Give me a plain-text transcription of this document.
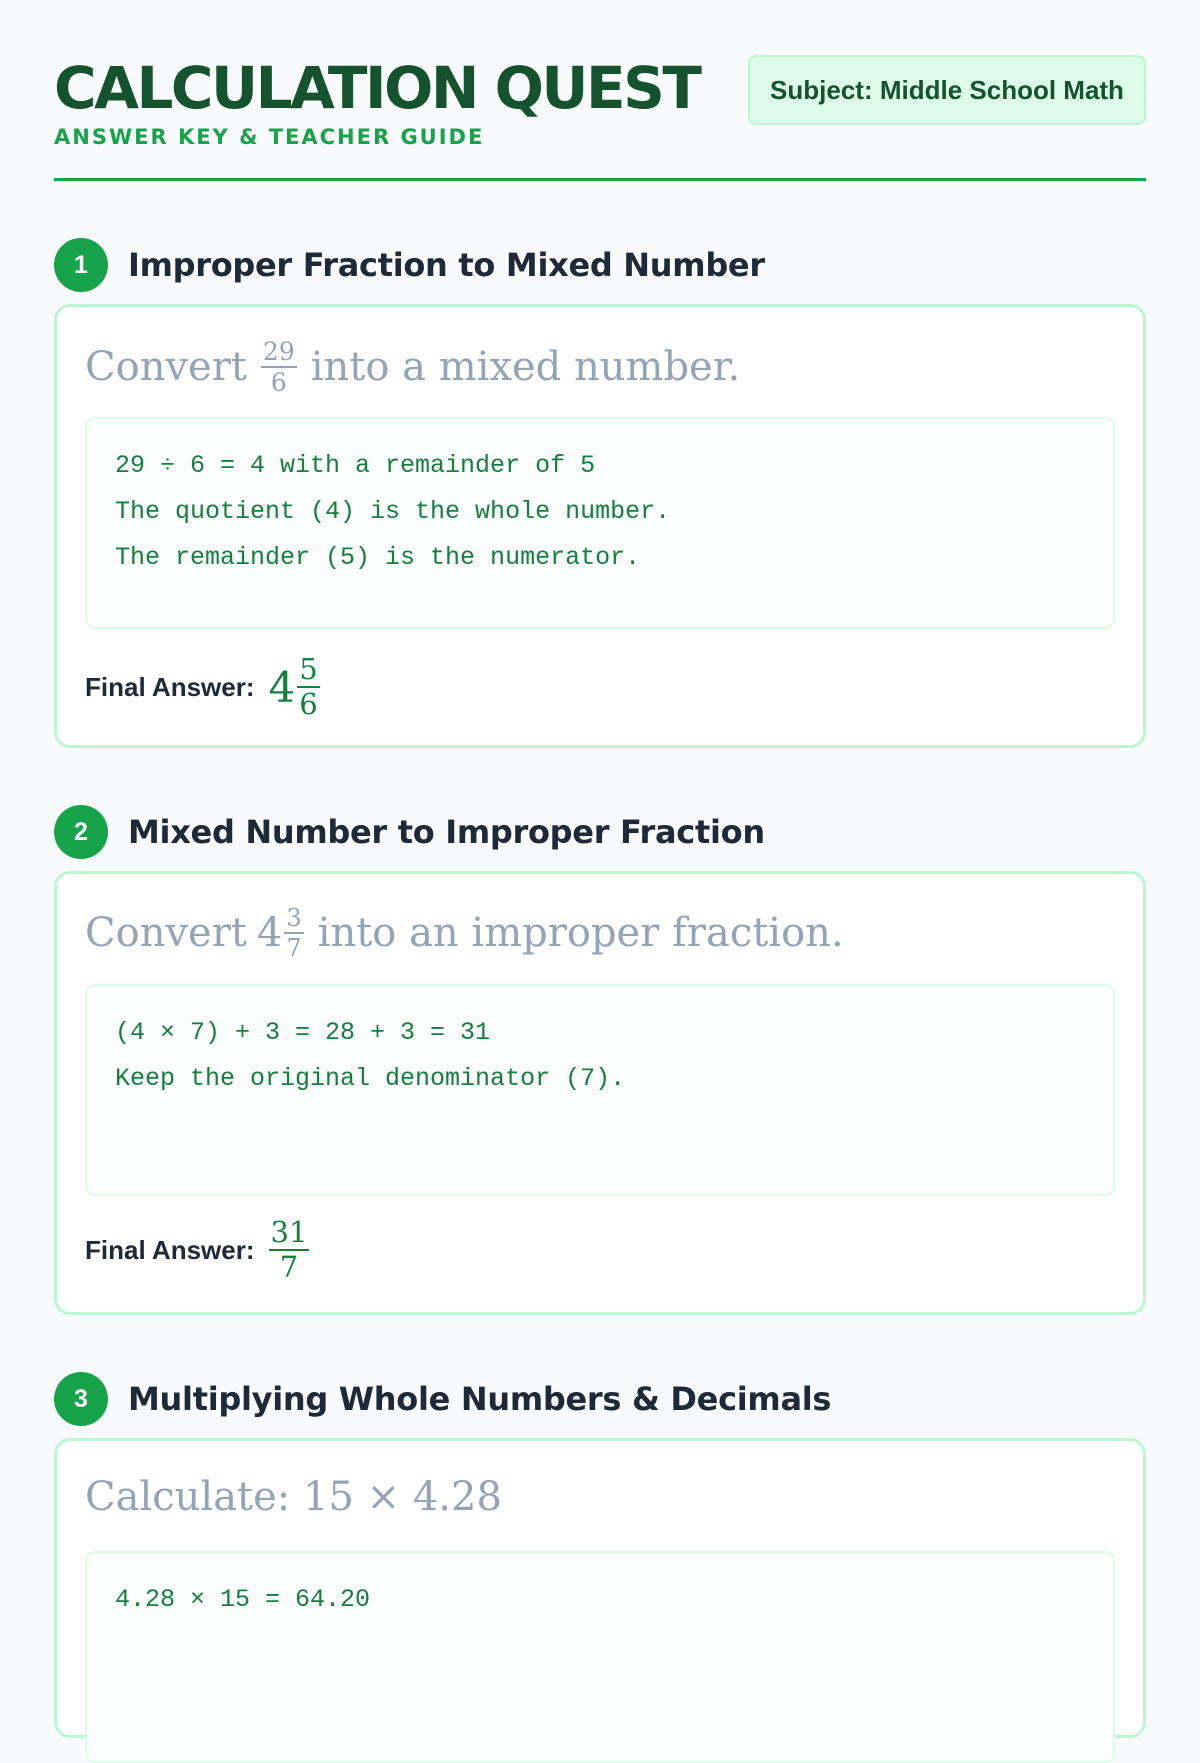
CALCULATION QUEST
ANSWER KEY & TEACHER GUIDE
Subject: Middle School Math
1	Improper Fraction to Mixed Number
Convert $\frac{29}{6}$ into a mixed number.
29 ÷ 6 = 4 with a remainder of 5
The quotient (4) is the whole number.
The remainder (5) is the numerator.
Final Answer: $4 \frac{5}{6}$
2	Mixed Number to Improper Fraction
Convert $4 \frac{3}{7}$ into an improper fraction.
(4 × 7) + 3 = 28 + 3 = 31
Keep the original denominator (7).
Final Answer: $\frac{31}{7}$
3	Multiplying Whole Numbers & Decimals
Calculate: 15 × 4.28
4.28 × 15 = 64.20
